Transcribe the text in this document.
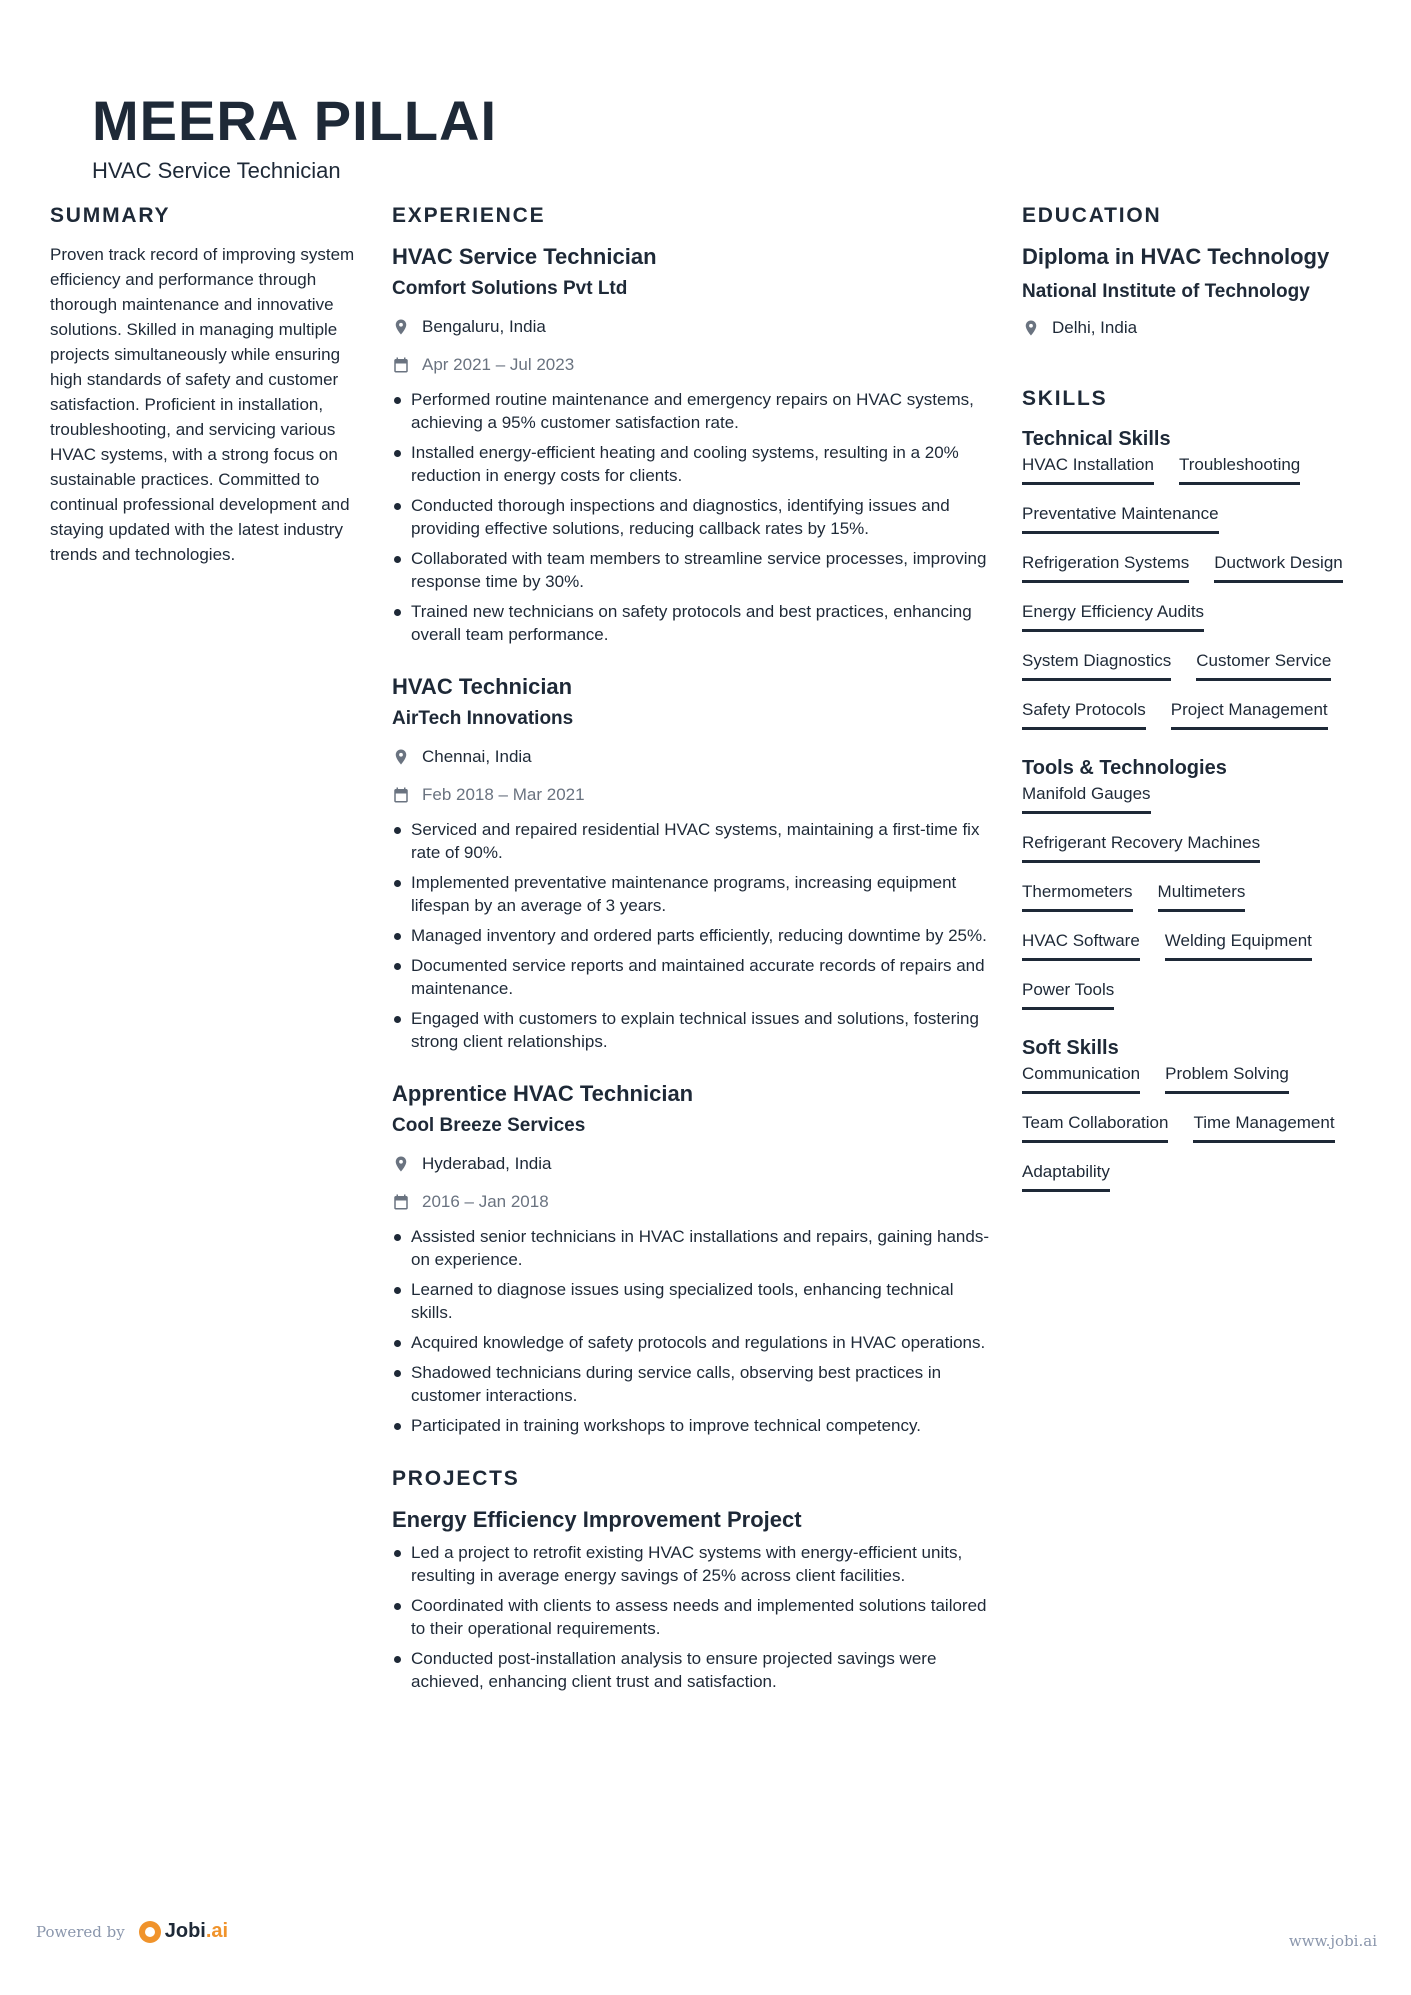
MEERA PILLAI
HVAC Service Technician
SUMMARY
Proven track record of improving system efficiency and performance through thorough maintenance and innovative solutions. Skilled in managing multiple projects simultaneously while ensuring high standards of safety and customer satisfaction. Proficient in installation, troubleshooting, and servicing various HVAC systems, with a strong focus on sustainable practices. Committed to continual professional development and staying updated with the latest industry trends and technologies.
EXPERIENCE
HVAC Service Technician
Comfort Solutions Pvt Ltd
Bengaluru, India
Apr 2021 – Jul 2023
Performed routine maintenance and emergency repairs on HVAC systems, achieving a 95% customer satisfaction rate.
Installed energy-efficient heating and cooling systems, resulting in a 20% reduction in energy costs for clients.
Conducted thorough inspections and diagnostics, identifying issues and providing effective solutions, reducing callback rates by 15%.
Collaborated with team members to streamline service processes, improving response time by 30%.
Trained new technicians on safety protocols and best practices, enhancing overall team performance.
HVAC Technician
AirTech Innovations
Chennai, India
Feb 2018 – Mar 2021
Serviced and repaired residential HVAC systems, maintaining a first-time fix rate of 90%.
Implemented preventative maintenance programs, increasing equipment lifespan by an average of 3 years.
Managed inventory and ordered parts efficiently, reducing downtime by 25%.
Documented service reports and maintained accurate records of repairs and maintenance.
Engaged with customers to explain technical issues and solutions, fostering strong client relationships.
Apprentice HVAC Technician
Cool Breeze Services
Hyderabad, India
2016 – Jan 2018
Assisted senior technicians in HVAC installations and repairs, gaining hands-on experience.
Learned to diagnose issues using specialized tools, enhancing technical skills.
Acquired knowledge of safety protocols and regulations in HVAC operations.
Shadowed technicians during service calls, observing best practices in customer interactions.
Participated in training workshops to improve technical competency.
PROJECTS
Energy Efficiency Improvement Project
Led a project to retrofit existing HVAC systems with energy-efficient units, resulting in average energy savings of 25% across client facilities.
Coordinated with clients to assess needs and implemented solutions tailored to their operational requirements.
Conducted post-installation analysis to ensure projected savings were achieved, enhancing client trust and satisfaction.
EDUCATION
Diploma in HVAC Technology
National Institute of Technology
Delhi, India
SKILLS
Technical Skills
HVAC Installation Troubleshooting
Preventative Maintenance
Refrigeration Systems Ductwork Design
Energy Efficiency Audits
System Diagnostics Customer Service
Safety Protocols Project Management
Tools & Technologies
Manifold Gauges
Refrigerant Recovery Machines
Thermometers Multimeters
HVAC Software Welding Equipment
Power Tools
Soft Skills
Communication Problem Solving
Team Collaboration Time Management
Adaptability
Powered by Jobi.ai	www.jobi.ai
